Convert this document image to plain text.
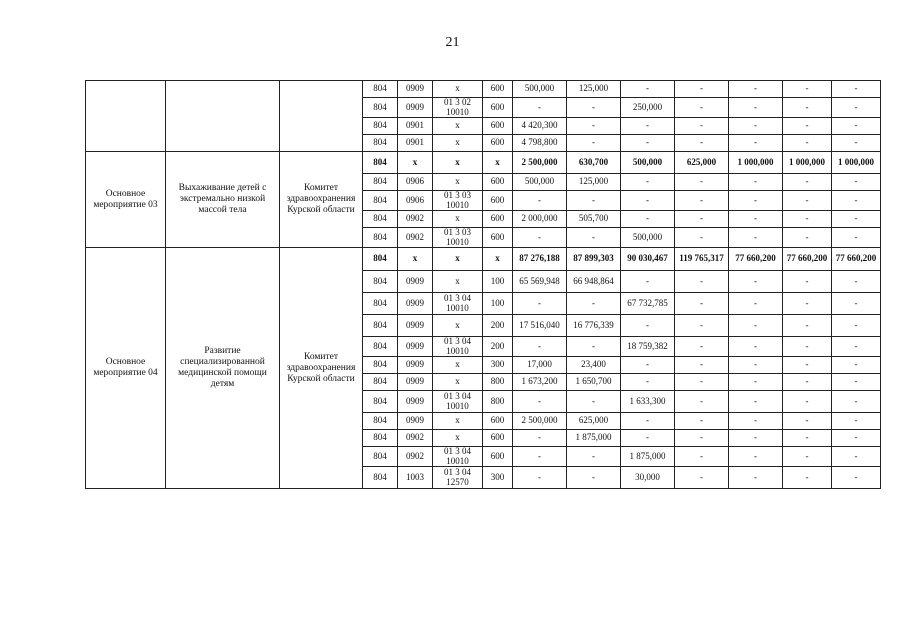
21
			804	0909	х	600	500,000	125,000	-	-	-	-	-
			804	0909	01 3 02 10010	600	-	-	250,000	-	-	-	-
			804	0901	х	600	4 420,300	-	-	-	-	-	-
			804	0901	х	600	4 798,800	-	-	-	-	-	-
Основное мероприятие 03	Выхаживание детей с экстремально низкой массой тела	Комитет здравоохранения Курской области	804	х	х	х	2 500,000	630,700	500,000	625,000	1 000,000	1 000,000	1 000,000
			804	0906	х	600	500,000	125,000	-	-	-	-	-
			804	0906	01 3 03 10010	600	-	-	-	-	-	-	-
			804	0902	х	600	2 000,000	505,700	-	-	-	-	-
			804	0902	01 3 03 10010	600	-	-	500,000	-	-	-	-
Основное мероприятие 04	Развитие специализированной медицинской помощи детям	Комитет здравоохранения Курской области	804	х	х	х	87 276,188	87 899,303	90 030,467	119 765,317	77 660,200	77 660,200	77 660,200
			804	0909	х	100	65 569,948	66 948,864	-	-	-	-	-
			804	0909	01 3 04 10010	100	-	-	67 732,785	-	-	-	-
			804	0909	х	200	17 516,040	16 776,339	-	-	-	-	-
			804	0909	01 3 04 10010	200	-	-	18 759,382	-	-	-	-
			804	0909	х	300	17,000	23,400	-	-	-	-	-
			804	0909	х	800	1 673,200	1 650,700	-	-	-	-	-
			804	0909	01 3 04 10010	800	-	-	1 633,300	-	-	-	-
			804	0909	х	600	2 500,000	625,000	-	-	-	-	-
			804	0902	х	600	-	1 875,000	-	-	-	-	-
			804	0902	01 3 04 10010	600	-	-	1 875,000	-	-	-	-
			804	1003	01 3 04 12570	300	-	-	30,000	-	-	-	-
